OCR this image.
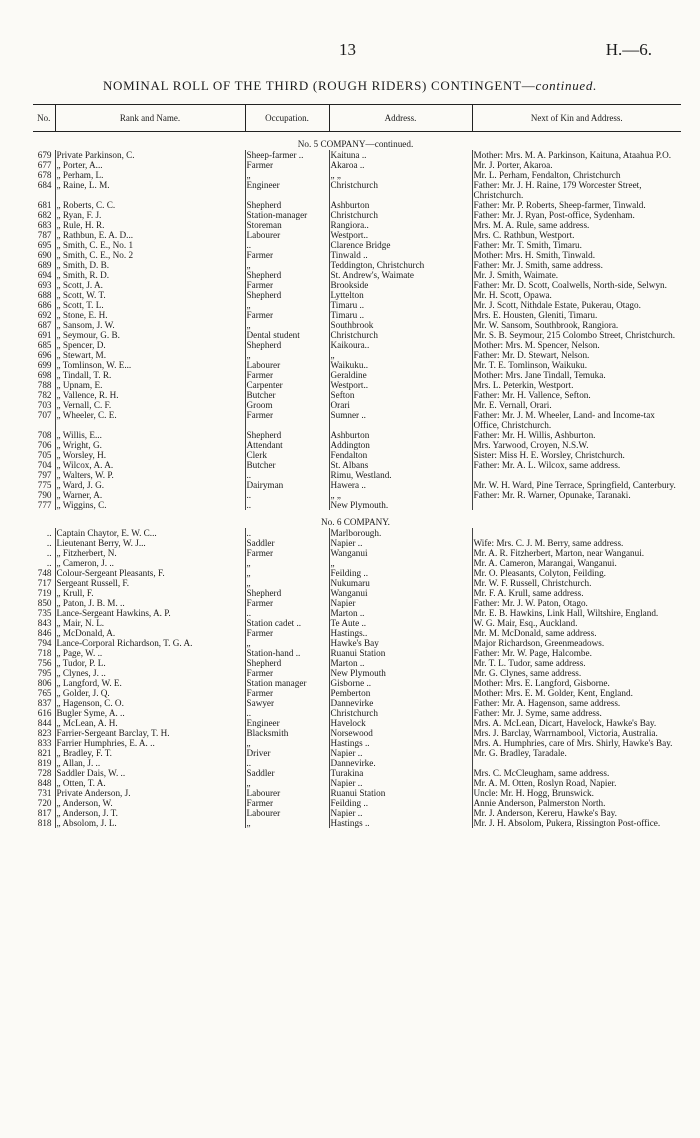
13	H.—6.
NOMINAL ROLL OF THE THIRD (ROUGH RIDERS) CONTINGENT—continued.
No.	Rank and Name.	Occupation.	Address.	Next of Kin and Address.
No. 5 COMPANY—continued.				
679	Private Parkinson, C.	Sheep-farmer ..	Kaituna ..	Mother: Mrs. M. A. Parkinson, Kaituna, Ataahua P.O.
677	„ Porter, A...	Farmer	Akaroa ..	Mr. J. Porter, Akaroa.
678	„ Perham, L.	„	„ „	Mr. L. Perham, Fendalton, Christchurch
684	„ Raine, L. M.	Engineer	Christchurch	Father: Mr. J. H. Raine, 179 Worcester Street, Christchurch.
681	„ Roberts, C. C.	Shepherd	Ashburton	Father: Mr. P. Roberts, Sheep-farmer, Tinwald.
682	„ Ryan, F. J.	Station-manager	Christchurch	Father: Mr. J. Ryan, Post-office, Sydenham.
683	„ Rule, H. R.	Storeman	Rangiora..	Mrs. M. A. Rule, same address.
787	„ Rathbun, E. A. D...	Labourer	Westport..	Mrs. C. Rathbun, Westport.
695	„ Smith, C. E., No. 1	..	Clarence Bridge	Father: Mr. T. Smith, Timaru.
690	„ Smith, C. E., No. 2	Farmer	Tinwald ..	Mother: Mrs. H. Smith, Tinwald.
689	„ Smith, D. B.	„	Teddington, Christchurch	Father: Mr. J. Smith, same address.
694	„ Smith, R. D.	Shepherd	St. Andrew's, Waimate	Mr. J. Smith, Waimate.
693	„ Scott, J. A.	Farmer	Brookside	Father: Mr. D. Scott, Coalwells, North-side, Selwyn.
688	„ Scott, W. T.	Shepherd	Lyttelton	Mr. H. Scott, Opawa.
686	„ Scott, T. L.	„	Timaru ..	Mr. J. Scott, Nithdale Estate, Pukerau, Otago.
692	„ Stone, E. H.	Farmer	Timaru ..	Mrs. E. Housten, Gleniti, Timaru.
687	„ Sansom, J. W.	„	Southbrook	Mr. W. Sansom, Southbrook, Rangiora.
691	„ Seymour, G. B.	Dental student	Christchurch	Mr. S. B. Seymour, 215 Colombo Street, Christchurch.
685	„ Spencer, D.	Shepherd	Kaikoura..	Mother: Mrs. M. Spencer, Nelson.
696	„ Stewart, M.	„	„	Father: Mr. D. Stewart, Nelson.
699	„ Tomlinson, W. E...	Labourer	Waikuku..	Mr. T. E. Tomlinson, Waikuku.
698	„ Tindall, T. R.	Farmer	Geraldine	Mother: Mrs. Jane Tindall, Temuka.
788	„ Upnam, E.	Carpenter	Westport..	Mrs. L. Peterkin, Westport.
782	„ Vallence, R. H.	Butcher	Sefton	Father: Mr. H. Vallence, Sefton.
703	„ Vernall, C. F.	Groom	Orari	Mr. E. Vernall, Orari.
707	„ Wheeler, C. E.	Farmer	Sumner ..	Father: Mr. J. M. Wheeler, Land- and Income-tax Office, Christchurch.
708	„ Willis, E...	Shepherd	Ashburton	Father: Mr. H. Willis, Ashburton.
706	„ Wright, G.	Attendant	Addington	Mrs. Yarwood, Croyen, N.S.W.
705	„ Worsley, H.	Clerk	Fendalton	Sister: Miss H. E. Worsley, Christchurch.
704	„ Wilcox, A. A.	Butcher	St. Albans	Father: Mr. A. L. Wilcox, same address.
797	„ Walters, W. P.	..	Rimu, Westland.	
775	„ Ward, J. G.	Dairyman	Hawera ..	Mr. W. H. Ward, Pine Terrace, Springfield, Canterbury.
790	„ Warner, A.	..	„ „	Father: Mr. R. Warner, Opunake, Taranaki.
777	„ Wiggins, C.	..	New Plymouth.	
No. 6 COMPANY.				
..	Captain Chaytor, E. W. C...	..	Marlborough.	
..	Lieutenant Berry, W. J...	Saddler	Napier ..	Wife: Mrs. C. J. M. Berry, same address.
..	„ Fitzherbert, N.	Farmer	Wanganui	Mr. A. R. Fitzherbert, Marton, near Wanganui.
..	„ Cameron, J. ..	„	„	Mr. A. Cameron, Marangai, Wanganui.
748	Colour-Sergeant Pleasants, F.	„	Feilding ..	Mr. O. Pleasants, Colyton, Feilding.
717	Sergeant Russell, F.	„	Nukumaru	Mr. W. F. Russell, Christchurch.
719	„ Krull, F.	Shepherd	Wanganui	Mr. F. A. Krull, same address.
850	„ Paton, J. B. M. ..	Farmer	Napier	Father: Mr. J. W. Paton, Otago.
735	Lance-Sergeant Hawkins, A. P.	..	Marton ..	Mr. E. B. Hawkins, Link Hall, Wiltshire, England.
843	„ Mair, N. L.	Station cadet ..	Te Aute ..	W. G. Mair, Esq., Auckland.
846	„ McDonald, A.	Farmer	Hastings..	Mr. M. McDonald, same address.
794	Lance-Corporal Richardson, T. G. A.	„	Hawke's Bay	Major Richardson, Greenmeadows.
718	„ Page, W. ..	Station-hand ..	Ruanui Station	Father: Mr. W. Page, Halcombe.
756	„ Tudor, P. L.	Shepherd	Marton ..	Mr. T. L. Tudor, same address.
795	„ Clynes, J. ..	Farmer	New Plymouth	Mr. G. Clynes, same address.
806	„ Langford, W. E.	Station manager	Gisborne ..	Mother: Mrs. E. Langford, Gisborne.
765	„ Golder, J. Q.	Farmer	Pemberton	Mother: Mrs. E. M. Golder, Kent, England.
837	„ Hagenson, C. O.	Sawyer	Dannevirke	Father: Mr. A. Hagenson, same address.
616	Bugler Syme, A. ..	..	Christchurch	Father: Mr. J. Syme, same address.
844	„ McLean, A. H.	Engineer	Havelock	Mrs. A. McLean, Dicart, Havelock, Hawke's Bay.
823	Farrier-Sergeant Barclay, T. H.	Blacksmith	Norsewood	Mrs. J. Barclay, Warrnambool, Victoria, Australia.
833	Farrier Humphries, E. A. ..	„	Hastings ..	Mrs. A. Humphries, care of Mrs. Shirly, Hawke's Bay.
821	„ Bradley, F. T.	Driver	Napier ..	Mr. G. Bradley, Taradale.
819	„ Allan, J. ..	..	Dannevirke.	
728	Saddler Dais, W. ..	Saddler	Turakina	Mrs. C. McCleugham, same address.
848	„ Otten, T. A.	„	Napier ..	Mr. A. M. Otten, Roslyn Road, Napier.
731	Private Anderson, J.	Labourer	Ruanui Station	Uncle: Mr. H. Hogg, Brunswick.
720	„ Anderson, W.	Farmer	Feilding ..	Annie Anderson, Palmerston North.
817	„ Anderson, J. T.	Labourer	Napier ..	Mr. J. Anderson, Kereru, Hawke's Bay.
818	„ Absolom, J. L.	„	Hastings ..	Mr. J. H. Absolom, Pukera, Rissington Post-office.
